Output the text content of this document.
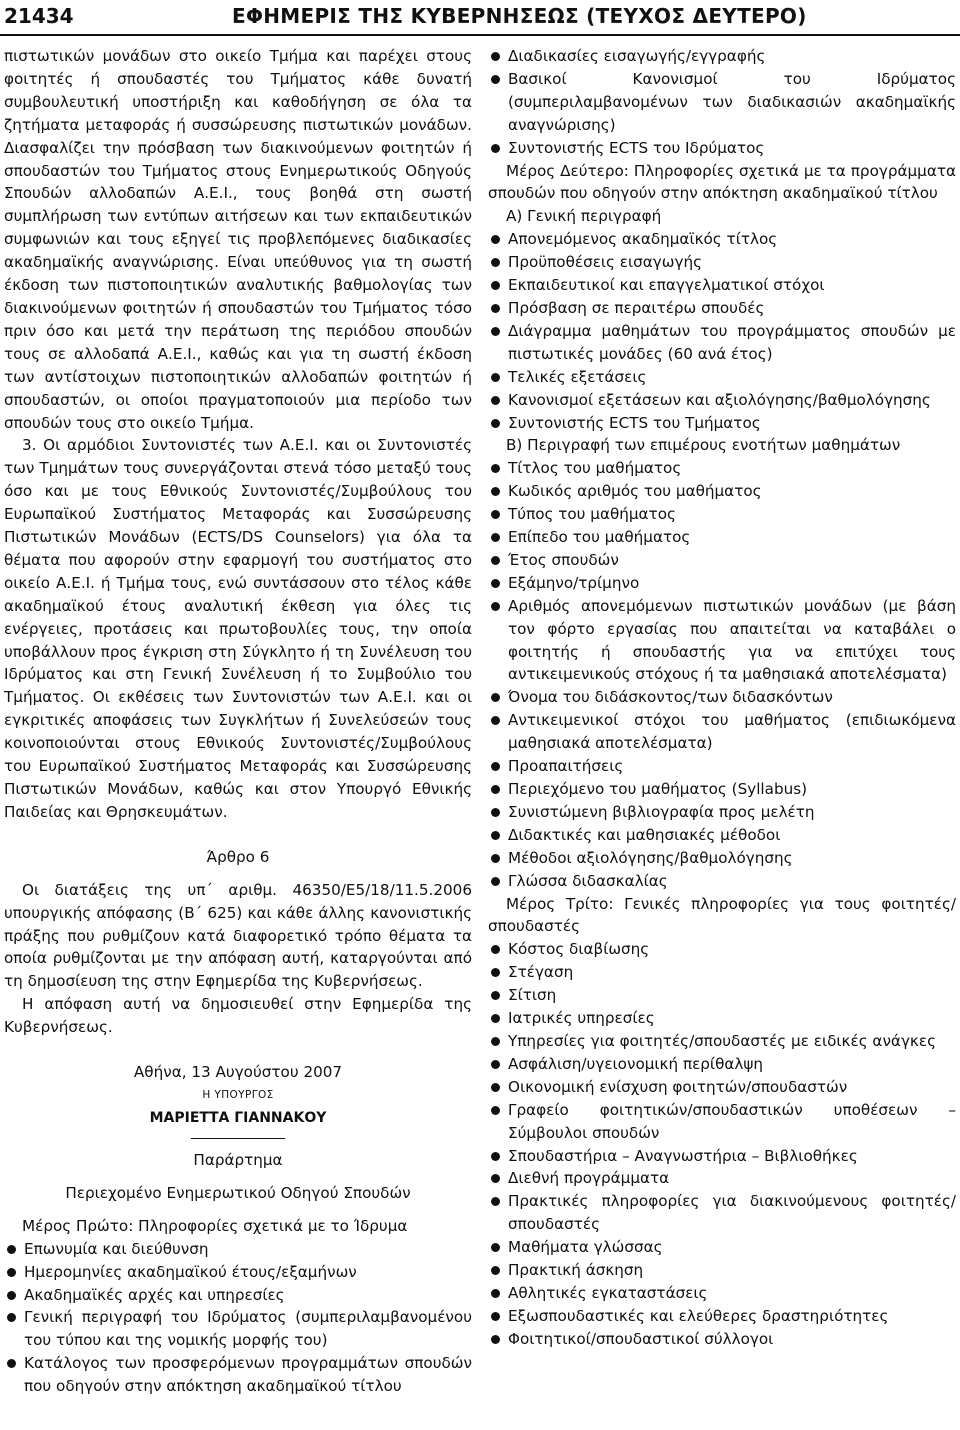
21434	ΕΦΗΜΕΡΙΣ ΤΗΣ ΚΥΒΕΡΝΗΣΕΩΣ (ΤΕΥΧΟΣ ΔΕΥΤΕΡΟ)

πιστωτικών μονάδων στο οικείο Τμήμα και παρέχει στους φοιτητές ή σπουδαστές του Τμήματος κάθε δυνατή συμβουλευτική υποστήριξη και καθοδήγηση σε όλα τα ζητήματα μεταφοράς ή συσσώρευσης πιστωτικών μονάδων. Διασφαλίζει την πρόσβαση των διακινούμενων φοιτητών ή σπουδαστών του Τμήματος στους Ενημερωτικούς Οδηγούς Σπουδών αλλοδαπών Α.Ε.Ι., τους βοηθά στη σωστή συμπλήρωση των εντύπων αιτήσεων και των εκπαιδευτικών συμφωνιών και τους εξηγεί τις προβλεπόμενες διαδικασίες ακαδημαϊκής αναγνώρισης. Είναι υπεύθυνος για τη σωστή έκδοση των πιστοποιητικών αναλυτικής βαθμολογίας των διακινούμενων φοιτητών ή σπουδαστών του Τμήματος τόσο πριν όσο και μετά την περάτωση της περιόδου σπουδών τους σε αλλοδαπά Α.Ε.Ι., καθώς και για τη σωστή έκδοση των αντίστοιχων πιστοποιητικών αλλοδαπών φοιτητών ή σπουδαστών, οι οποίοι πραγματοποιούν μια περίοδο των σπουδών τους στο οικείο Τμήμα.

3. Οι αρμόδιοι Συντονιστές των Α.Ε.Ι. και οι Συντονιστές των Τμημάτων τους συνεργάζονται στενά τόσο μεταξύ τους όσο και με τους Εθνικούς Συντονιστές/Συμβούλους του Ευρωπαϊκού Συστήματος Μεταφοράς και Συσσώρευσης Πιστωτικών Μονάδων (ECTS/DS Counselors) για όλα τα θέματα που αφορούν στην εφαρμογή του συστήματος στο οικείο Α.Ε.Ι. ή Τμήμα τους, ενώ συντάσσουν στο τέλος κάθε ακαδημαϊκού έτους αναλυτική έκθεση για όλες τις ενέργειες, προτάσεις και πρωτοβουλίες τους, την οποία υποβάλλουν προς έγκριση στη Σύγκλητο ή τη Συνέλευση του Ιδρύματος και στη Γενική Συνέλευση ή το Συμβούλιο του Τμήματος. Οι εκθέσεις των Συντονιστών των Α.Ε.Ι. και οι εγκριτικές αποφάσεις των Συγκλήτων ή Συνελεύσεών τους κοινοποιούνται στους Εθνικούς Συντονιστές/Συμβούλους του Ευρωπαϊκού Συστήματος Μεταφοράς και Συσσώρευσης Πιστωτικών Μονάδων, καθώς και στον Υπουργό Εθνικής Παιδείας και Θρησκευμάτων.

Άρθρο 6

Οι διατάξεις της υπ΄ αριθμ. 46350/Ε5/18/11.5.2006 υπουργικής απόφασης (Β΄ 625) και κάθε άλλης κανονιστικής πράξης που ρυθμίζουν κατά διαφορετικό τρόπο θέματα τα οποία ρυθμίζονται με την απόφαση αυτή, καταργούνται από τη δημοσίευση της στην Εφημερίδα της Κυβερνήσεως.

Η απόφαση αυτή να δημοσιευθεί στην Εφημερίδα της Κυβερνήσεως.

Αθήνα, 13 Αυγούστου 2007

Η ΥΠΟΥΡΓΟΣ

ΜΑΡΙΕΤΤΑ ΓΙΑΝΝΑΚΟΥ

Παράρτημα

Περιεχομένο Ενημερωτικού Οδηγού Σπουδών

Μέρος Πρώτο: Πληροφορίες σχετικά με το Ίδρυμα

Επωνυμία και διεύθυνση
Ημερομηνίες ακαδημαϊκού έτους/εξαμήνων
Ακαδημαϊκές αρχές και υπηρεσίες
Γενική περιγραφή του Ιδρύματος (συμπεριλαμβανομένου του τύπου και της νομικής μορφής του)
Κατάλογος των προσφερόμενων προγραμμάτων σπουδών που οδηγούν στην απόκτηση ακαδημαϊκού τίτλου
Διαδικασίες εισαγωγής/εγγραφής
Βασικοί Κανονισμοί του Ιδρύματος (συμπεριλαμβανομένων των διαδικασιών ακαδημαϊκής αναγνώρισης)
Συντονιστής ECTS του Ιδρύματος

Μέρος Δεύτερο: Πληροφορίες σχετικά με τα προγράμματα σπουδών που οδηγούν στην απόκτηση ακαδημαϊκού τίτλου

Α) Γενική περιγραφή

Απονεμόμενος ακαδημαϊκός τίτλος
Προϋποθέσεις εισαγωγής
Εκπαιδευτικοί και επαγγελματικοί στόχοι
Πρόσβαση σε περαιτέρω σπουδές
Διάγραμμα μαθημάτων του προγράμματος σπουδών με πιστωτικές μονάδες (60 ανά έτος)
Τελικές εξετάσεις
Κανονισμοί εξετάσεων και αξιολόγησης/βαθμολόγησης
Συντονιστής ECTS του Τμήματος

Β) Περιγραφή των επιμέρους ενοτήτων μαθημάτων

Τίτλος του μαθήματος
Κωδικός αριθμός του μαθήματος
Τύπος του μαθήματος
Επίπεδο του μαθήματος
Έτος σπουδών
Εξάμηνο/τρίμηνο
Αριθμός απονεμόμενων πιστωτικών μονάδων (με βάση τον φόρτο εργασίας που απαιτείται να καταβάλει ο φοιτητής ή σπουδαστής για να επιτύχει τους αντικειμενικούς στόχους ή τα μαθησιακά αποτελέσματα)
Όνομα του διδάσκοντος/των διδασκόντων
Αντικειμενικοί στόχοι του μαθήματος (επιδιωκόμενα μαθησιακά αποτελέσματα)
Προαπαιτήσεις
Περιεχόμενο του μαθήματος (Syllabus)
Συνιστώμενη βιβλιογραφία προς μελέτη
Διδακτικές και μαθησιακές μέθοδοι
Μέθοδοι αξιολόγησης/βαθμολόγησης
Γλώσσα διδασκαλίας

Μέρος Τρίτο: Γενικές πληροφορίες για τους φοιτητές/σπουδαστές

Κόστος διαβίωσης
Στέγαση
Σίτιση
Ιατρικές υπηρεσίες
Υπηρεσίες για φοιτητές/σπουδαστές με ειδικές ανάγκες
Ασφάλιση/υγειονομική περίθαλψη
Οικονομική ενίσχυση φοιτητών/σπουδαστών
Γραφείο φοιτητικών/σπουδαστικών υποθέσεων – Σύμβουλοι σπουδών
Σπουδαστήρια – Αναγνωστήρια – Βιβλιοθήκες
Διεθνή προγράμματα
Πρακτικές πληροφορίες για διακινούμενους φοιτητές/σπουδαστές
Μαθήματα γλώσσας
Πρακτική άσκηση
Αθλητικές εγκαταστάσεις
Εξωσπουδαστικές και ελεύθερες δραστηριότητες
Φοιτητικοί/σπουδαστικοί σύλλογοι
